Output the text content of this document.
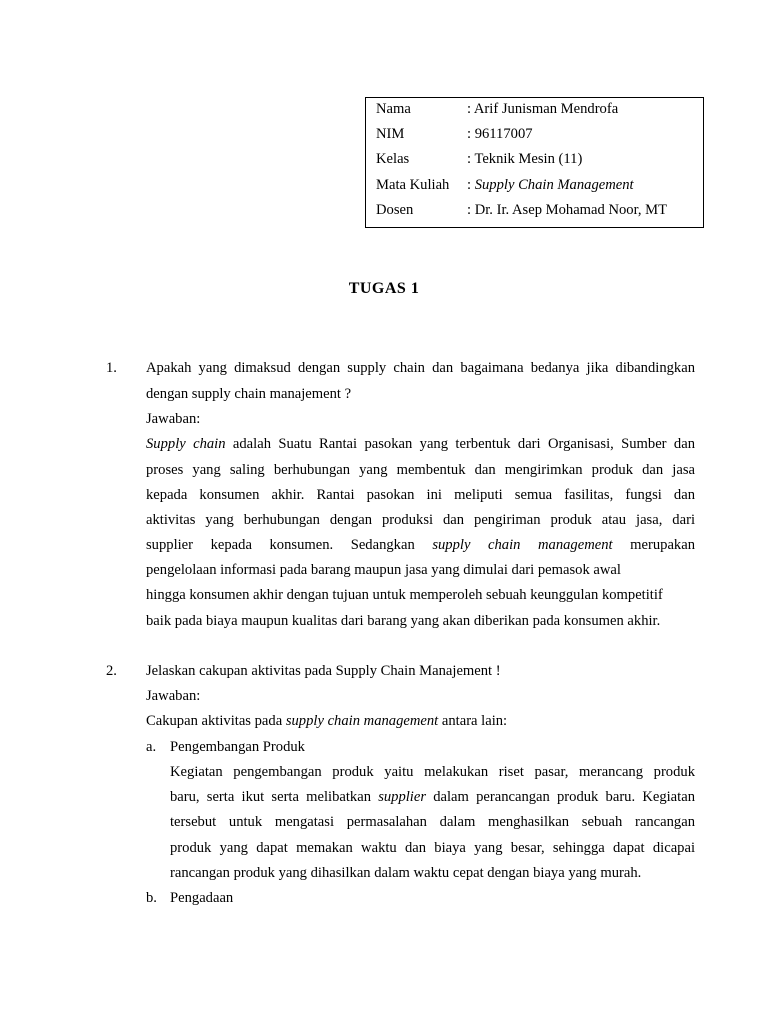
Nama	: Arif Junisman Mendrofa
NIM	: 96117007
Kelas	: Teknik Mesin (11)
Mata Kuliah : Supply Chain Management
Dosen	: Dr. Ir. Asep Mohamad Noor, MT
TUGAS 1
1. Apakah yang dimaksud dengan supply chain dan bagaimana bedanya jika dibandingkan
dengan supply chain manajement ?
Jawaban:
Supply chain adalah Suatu Rantai pasokan yang terbentuk dari Organisasi, Sumber dan
proses yang saling berhubungan yang membentuk dan mengirimkan produk dan jasa
kepada konsumen akhir. Rantai pasokan ini meliputi semua fasilitas, fungsi dan
aktivitas yang berhubungan dengan produksi dan pengiriman produk atau jasa, dari
supplier kepada konsumen. Sedangkan supply chain management merupakan
pengelolaan informasi pada barang maupun jasa yang dimulai dari pemasok awal
hingga konsumen akhir dengan tujuan untuk memperoleh sebuah keunggulan kompetitif
baik pada biaya maupun kualitas dari barang yang akan diberikan pada konsumen akhir.
2. Jelaskan cakupan aktivitas pada Supply Chain Manajement !
Jawaban:
Cakupan aktivitas pada supply chain management antara lain:
a. Pengembangan Produk
Kegiatan pengembangan produk yaitu melakukan riset pasar, merancang produk
baru, serta ikut serta melibatkan supplier dalam perancangan produk baru. Kegiatan
tersebut untuk mengatasi permasalahan dalam menghasilkan sebuah rancangan
produk yang dapat memakan waktu dan biaya yang besar, sehingga dapat dicapai
rancangan produk yang dihasilkan dalam waktu cepat dengan biaya yang murah.
b. Pengadaan
